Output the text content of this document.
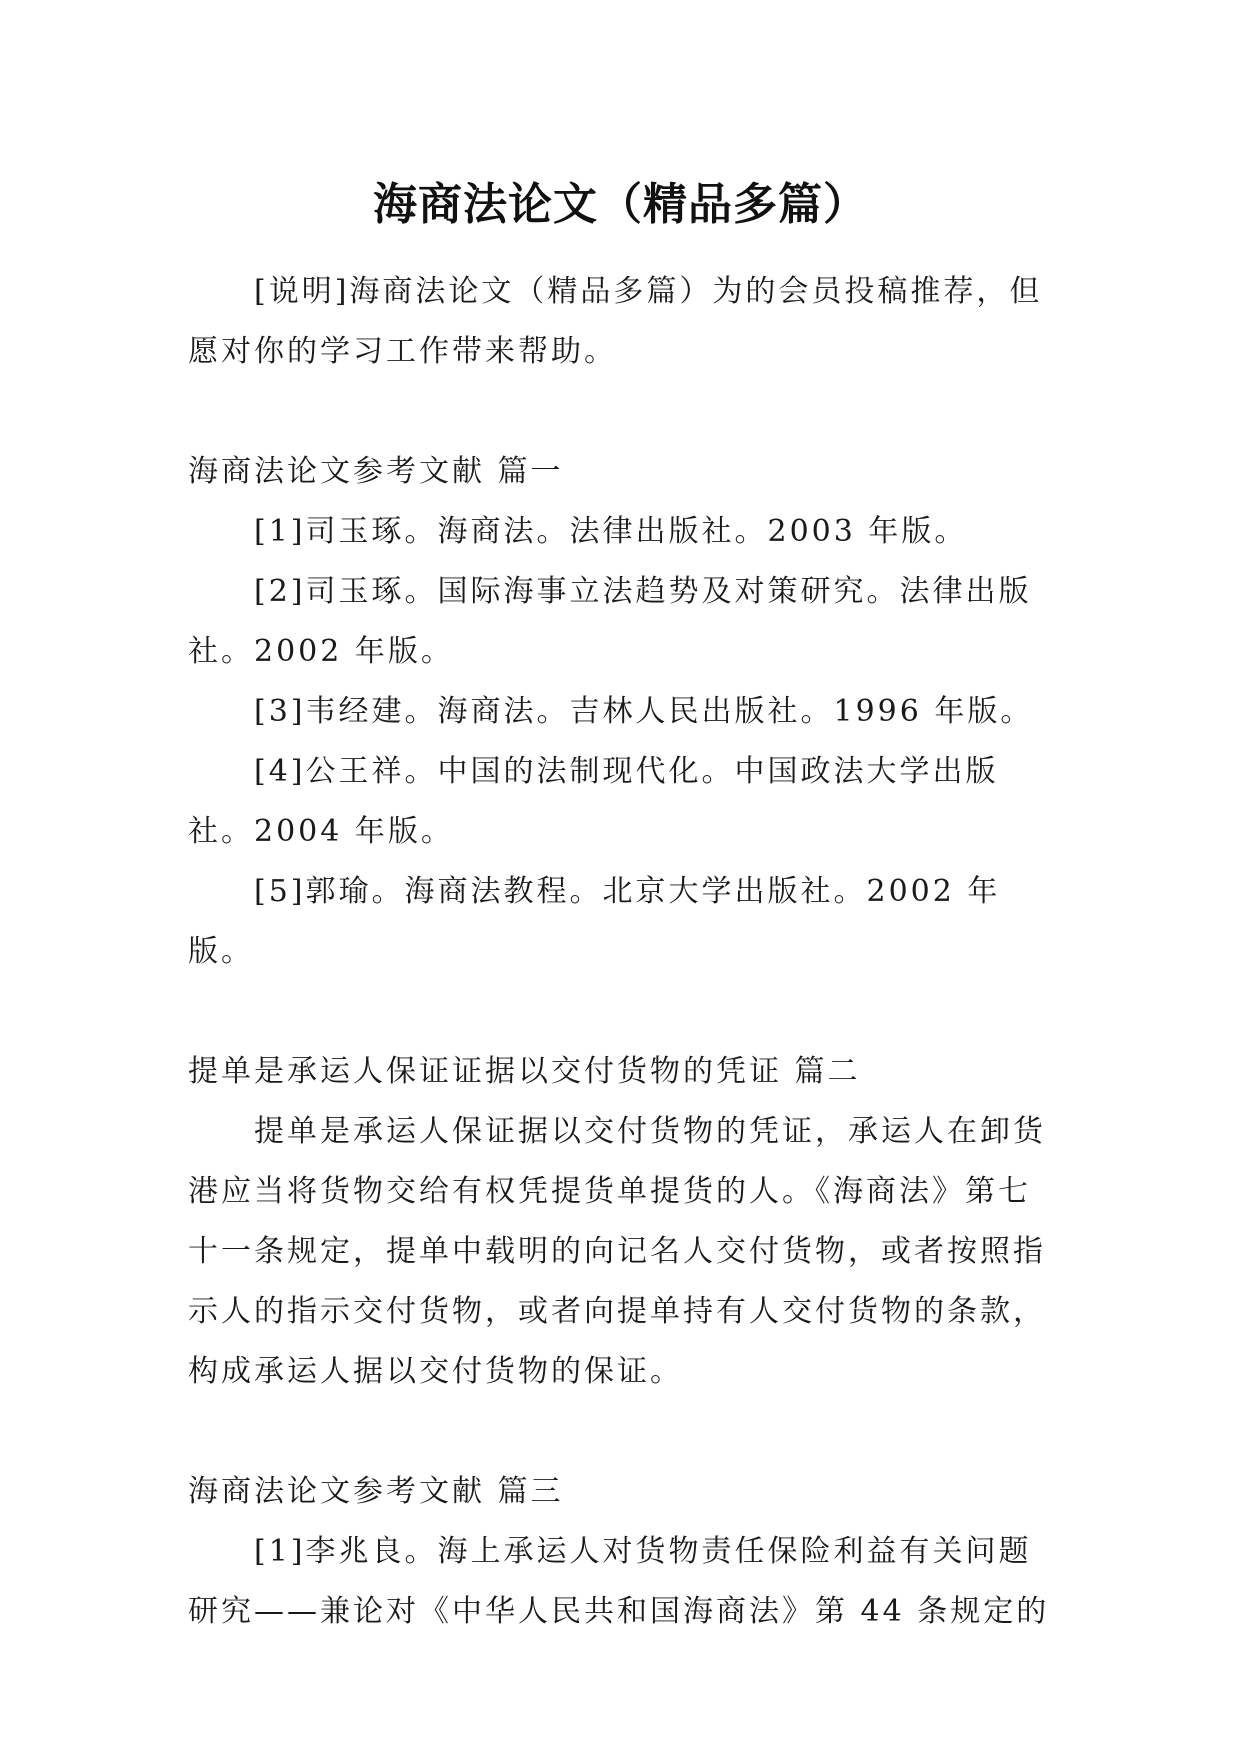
海商法论文（精品多篇）

[说明]海商法论文（精品多篇）为的会员投稿推荐，但愿对你的学习工作带来帮助。

海商法论文参考文献 篇一

[1]司玉琢。海商法。法律出版社。2003 年版。

[2]司玉琢。国际海事立法趋势及对策研究。法律出版社。2002 年版。

[3]韦经建。海商法。吉林人民出版社。1996 年版。

[4]公王祥。中国的法制现代化。中国政法大学出版社。2004 年版。

[5]郭瑜。海商法教程。北京大学出版社。2002 年版。

提单是承运人保证证据以交付货物的凭证 篇二

提单是承运人保证据以交付货物的凭证，承运人在卸货港应当将货物交给有权凭提货单提货的人。《海商法》第七十一条规定，提单中载明的向记名人交付货物，或者按照指示人的指示交付货物，或者向提单持有人交付货物的条款，构成承运人据以交付货物的保证。

海商法论文参考文献 篇三

[1]李兆良。海上承运人对货物责任保险利益有关问题研究——兼论对《中华人民共和国海商法》第 44 条规定的
